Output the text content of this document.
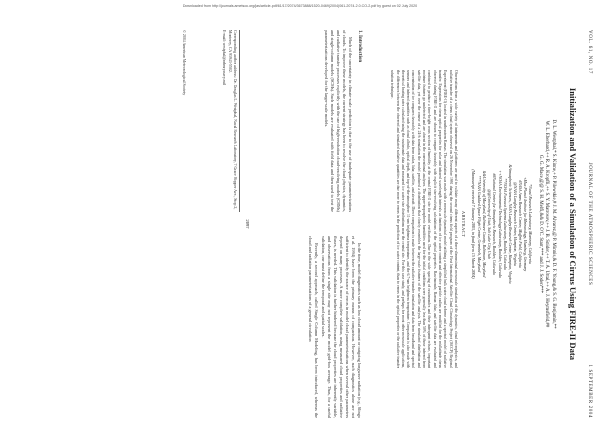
Downloaded from http://journals.ametsoc.org/jas/article-pdf/61/17/2074/3673888/1520-0469(2004)061-2074-2.0.CO-2.pdf by guest on 02 July 2020
VOL. 61, NO. 17
JOURNAL OF THE ATMOSPHERIC SCIENCES
1 SEPTEMBER 2004
Initialization and Validation of a Simulation of Cirrus Using FIRE-II Data

D. L. Westphal,* S. Kinne,+ P. Pilewskie,# J. M. Alvarez,@ P. Minnis,& D. F. Young,& S. G. Benjamin,**

W. L. Eberhard,++ R. A. Kropfli,++ S. Y. Matrosov,++ J. B. Snider,++ T. A. Uttal,++ A. J. Heymsfield,##

G. G. Mace,@@ S. H. Melfi,&& D. O'C. Starr,*** and J. J. Soden***

*Naval Research Laboratory, Monterey, California

+Max Planck Institute for Meteorology, Hamburg, Germany

#NASA Ames Research Center, Moffett Field, California

@NASA Langley Research Center, Hampton, Virginia

&Atmospheric Sciences, NASA Langley Research Center, Hampton, Virginia

**NOAA Forecast Systems Laboratory, Boulder, Colorado

++NOAA Environmental Technology Laboratory, Boulder, Colorado

##National Center for Atmospheric Research, Boulder, Colorado

@@University of Utah, Salt Lake City, Utah

&&University of Maryland, Baltimore County, Baltimore, Maryland

***NASA Goddard Space Flight Center, Greenbelt, Maryland

(Manuscript received 7 January 2003, in final form 15 March 2004)
ABSTRACT
Observations from a wide variety of instruments and platforms are used to validate many different aspects of a three-dimensional mesoscale simulation of the dynamics, cloud microphysics, and radiative transfer of a cirrus cloud system observed on 26 November 1991 during the second cirrus field program of the First International Satellite Cloud Climatology Project (ISCCP) Regional Experiment (FIRE-II) located in southeastern Kansas. The simulation was made with a mesoscale dynamical model utilizing a simplified bulk water cloud scheme and a spectral model of radiative transfer. Expressions for cirrus optical properties for solar and infrared wavelength intervals as functions of ice water content and effective particle radius are modified for the midlatitude cirrus observed during FIRE-II and are shown to compare favorably with explicit size-resolving calculations of the optical properties. Rawinsonde, Raman lidar, and satellite data are evaluated and combined to produce a time-height cross section of humidity at the central FIRE-II site for model verification. Due to the wide spacing of rawinsondes and their infrequent release, important moisture features go undetected and are absent in the conventional analyses. The upper-tropospheric humidities used for the initial conditions were generally less than 50% of those inferred from satellite data, yet over the course of a 24-h simulation the model produced a distribution that closely resembles the large-scale features of the satellite analysis. The simulated distribution and concentration of ice compares favorably with data from radar, lidar, satellite, and aircraft. Direct comparison is made between the radiative transfer simulation and data from broadband and spectral sensors and inferred quantities such as cloud albedo, optical depth, and top-of-the-atmosphere 11-um brightness temperature, and the 6.7-um brightness temperature. Comparison is also made with theoretical heating rates calculated using the rawinsonde data and measured ice water size distributions near the central site. For this case study, and perhaps for most other mesoscale applications, the differences between the observed and simulated radiative quantities are due more to errors in the prediction of ice water content, than to errors in the optical properties or the radiative transfer solution technique.

1. Introduction

Much of the uncertainty in climate-scale prediction is due to the use of inadequate parameterizations of clouds. To improve these models, the current strategy has been to resolve the cloud physics, dynamics, and radiative transfer processes explicitly with the use of high-resolution cloud-resolving models (CRMs) and single-column models (SCMs). Such models are evaluated with field data and then used to test the parameterizations developed for the larger-scale models.

Corresponding author address: Dr. Douglas L. Westphal, Naval Research Laboratory, 7 Grace Hopper Ave., Stop 2, Monterey, CA 93943-5502.
E-mail: westphal@nrlmry.navy.mil
© 2004 American Meteorological Society
2097

In the time, model diagnostics such as low cloud amount or outgoing longwave radiation (e.g., Slingo et al. 1994) have been the primary means of comparison. However, such diagnostics alone are not sufficient to identify the source of errors in model cloud parameterizations when several other parameters depend on many processes. A more complete validation, using measured cloud properties and radiative fluxes, is needed. This validation is further hindered because the cloud properties are inherently variable, and observations from a single site may not represent the model grid-box average. Thus, for a useful validation, one must define the temporal and spatial scales.

Recently, a second approach, called Single Column Modeling, has been introduced, whereas the cloud and radiation parameterizations of a general circulation
